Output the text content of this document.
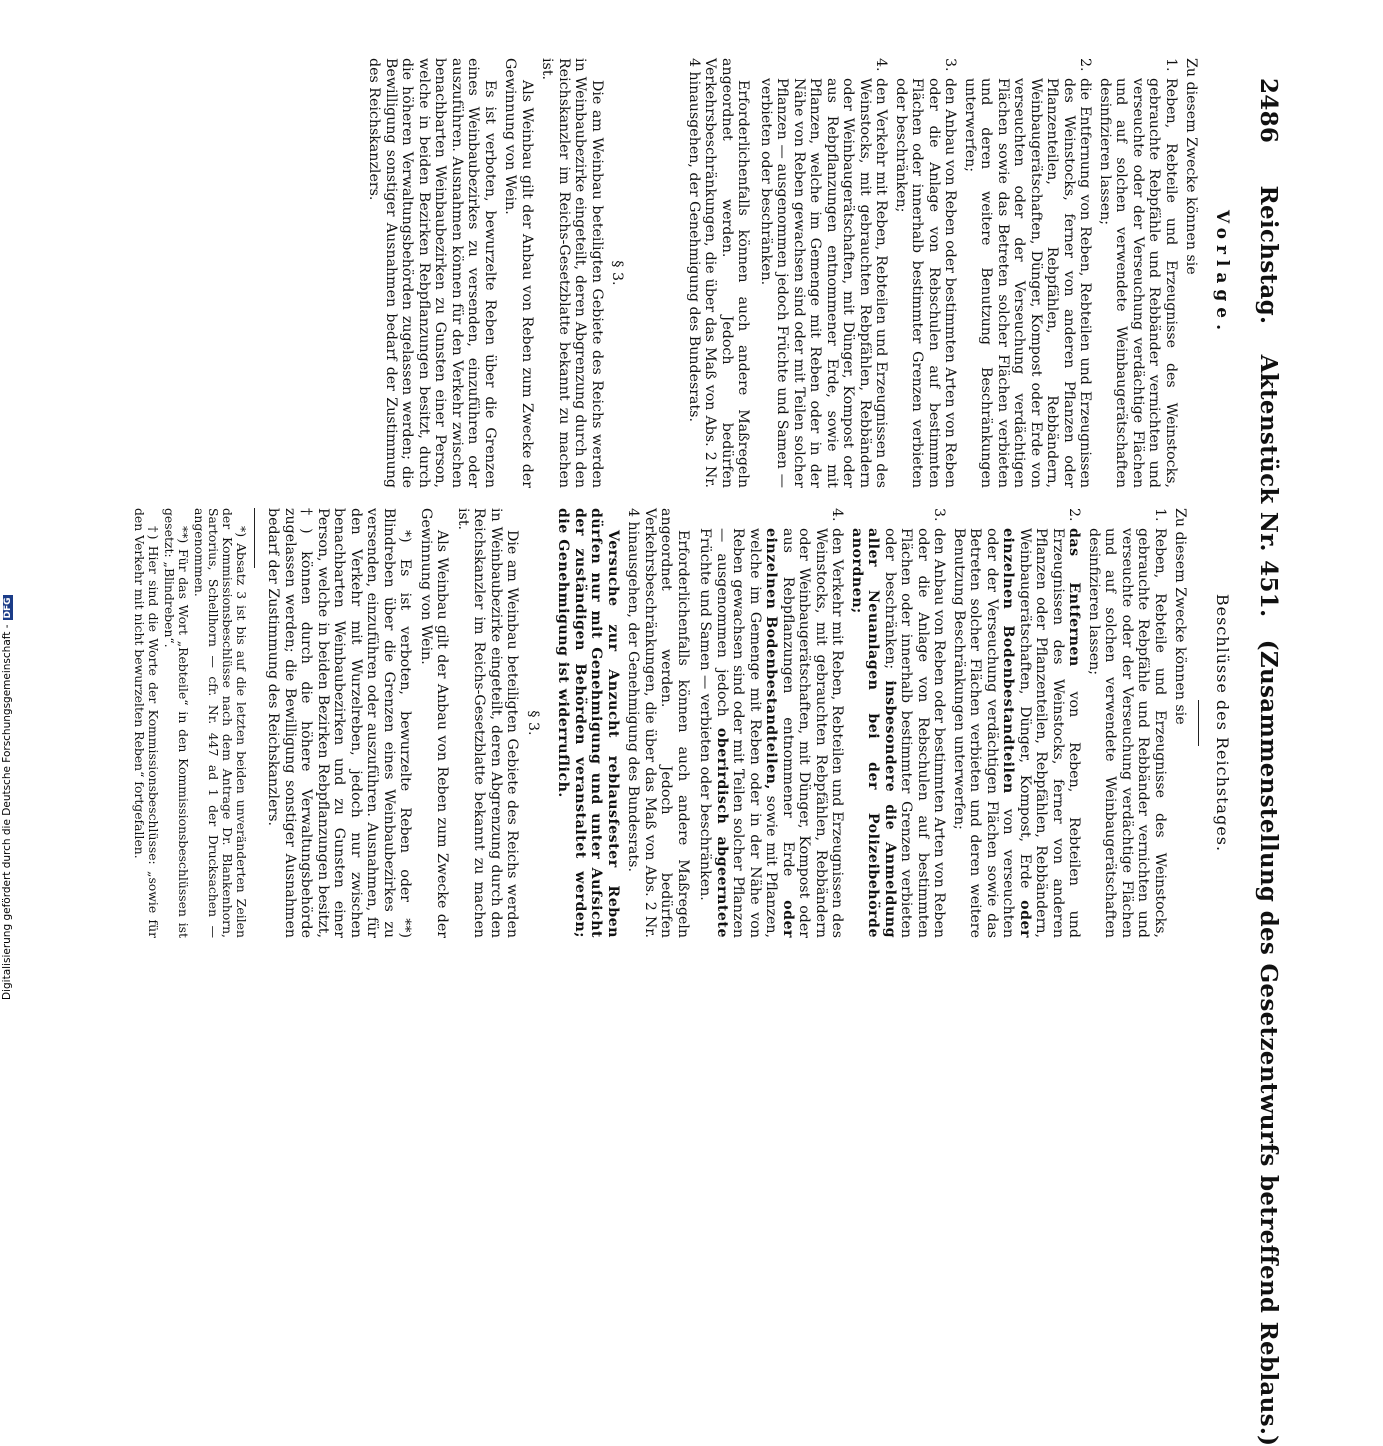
2486 Reichstag. Aktenstück Nr. 451. (Zusammenstellung des Gesetzentwurfs betreffend Reblaus.)
Vorlage.

Zu diesem Zwecke können sie

1.
Reben, Rebteile und Erzeugnisse des Weinstocks, gebrauchte Rebpfähle und Rebbänder vernichten und verseuchte oder der Verseuchung verdächtige Flächen und auf solchen verwendete Weinbaugerätschaften desinfizieren lassen;
2.
die Entfernung von Reben, Rebteilen und Erzeugnissen des Weinstocks, ferner von anderen Pflanzen oder Pflanzenteilen, Rebpfählen, Rebbändern, Weinbaugerätschaften, Dünger, Kompost oder Erde von verseuchten oder der Verseuchung verdächtigen Flächen sowie das Betreten solcher Flächen verbieten und deren weitere Benutzung Beschränkungen unterwerfen;
3.
den Anbau von Reben oder bestimmten Arten von Reben oder die Anlage von Rebschulen auf bestimmten Flächen oder innerhalb bestimmter Grenzen verbieten oder beschränken;
4.
den Verkehr mit Reben, Rebteilen und Erzeugnissen des Weinstocks, mit gebrauchten Rebpfählen, Rebbändern oder Weinbaugerätschaften, mit Dünger, Kompost oder aus Rebpflanzungen entnommener Erde, sowie mit Pflanzen, welche im Gemenge mit Reben oder in der Nähe von Reben gewachsen sind oder mit Teilen solcher Pflanzen — ausgenommen jedoch Früchte und Samen — verbieten oder beschränken.

Erforderlichenfalls können auch andere Maßregeln angeordnet werden. Jedoch bedürfen Verkehrsbeschränkungen, die über das Maß von Abs. 2 Nr. 4 hinausgehen, der Genehmigung des Bundesrats.

§ 3.

Die am Weinbau beteiligten Gebiete des Reichs werden in Weinbaubezirke eingeteilt, deren Abgrenzung durch den Reichskanzler im Reichs-Gesetzblatte bekannt zu machen ist.

Als Weinbau gilt der Anbau von Reben zum Zwecke der Gewinnung von Wein.

Es ist verboten, bewurzelte Reben über die Grenzen eines Weinbaubezirkes zu versenden, einzuführen oder auszuführen. Ausnahmen können für den Verkehr zwischen benachbarten Weinbaubezirken zu Gunsten einer Person, welche in beiden Bezirken Rebpflanzungen besitzt, durch die höheren Verwaltungsbehörden zugelassen werden; die Bewilligung sonstiger Ausnahmen bedarf der Zustimmung des Reichskanzlers.

Beschlüsse des Reichstages.

Zu diesem Zwecke können sie

1.
Reben, Rebteile und Erzeugnisse des Weinstocks, gebrauchte Rebpfähle und Rebbänder vernichten und verseuchte oder der Verseuchung verdächtige Flächen und auf solchen verwendete Weinbaugerätschaften desinfizieren lassen;
2.
das Entfernen von Reben, Rebteilen und Erzeugnissen des Weinstocks, ferner von anderen Pflanzen oder Pflanzenteilen, Rebpfählen, Rebbändern, Weinbaugerätschaften, Dünger, Kompost, Erde oder einzelnen Bodenbestandteilen von verseuchten oder der Verseuchung verdächtigen Flächen sowie das Betreten solcher Flächen verbieten und deren weitere Benutzung Beschränkungen unterwerfen;
3.
den Anbau von Reben oder bestimmten Arten von Reben oder die Anlage von Rebschulen auf bestimmten Flächen oder innerhalb bestimmter Grenzen verbieten oder beschränken; insbesondere die Anmeldung aller Neuanlagen bei der Polizeibehörde anordnen;
4.
den Verkehr mit Reben, Rebteilen und Erzeugnissen des Weinstocks, mit gebrauchten Rebpfählen, Rebbändern oder Weinbaugerätschaften, mit Dünger, Kompost oder aus Rebpflanzungen entnommener Erde oder einzelnen Bodenbestandteilen, sowie mit Pflanzen, welche im Gemenge mit Reben oder in der Nähe von Reben gewachsen sind oder mit Teilen solcher Pflanzen — ausgenommen jedoch oberirdisch abgeerntete Früchte und Samen — verbieten oder beschränken.

Erforderlichenfalls können auch andere Maßregeln angeordnet werden. Jedoch bedürfen Verkehrsbeschränkungen, die über das Maß von Abs. 2 Nr. 4 hinausgehen, der Genehmigung des Bundesrats.

Versuche zur Anzucht reblausfester Reben dürfen nur mit Genehmigung und unter Aufsicht der zuständigen Behörden veranstaltet werden; die Genehmigung ist widerruflich.

§ 3.

Die am Weinbau beteiligten Gebiete des Reichs werden in Weinbaubezirke eingeteilt, deren Abgrenzung durch den Reichskanzler im Reichs-Gesetzblatte bekannt zu machen ist.

Als Weinbau gilt der Anbau von Reben zum Zwecke der Gewinnung von Wein.

*) Es ist verboten, bewurzelte Reben oder **) Blindreben über die Grenzen eines Weinbaubezirkes zu versenden, einzuführen oder auszuführen. Ausnahmen, für den Verkehr mit Wurzelreben, jedoch nur zwischen benachbarten Weinbaubezirken und zu Gunsten einer Person, welche in beiden Bezirken Rebpflanzungen besitzt, †) können durch die höhere Verwaltungsbehörde zugelassen werden; die Bewilligung sonstiger Ausnahmen bedarf der Zustimmung des Reichskanzlers.

*) Absatz 3 ist bis auf die letzten beiden unveränderten Zeilen der Kommissionsbeschlüsse nach dem Antrage Dr. Blankenhorn, Sartorius, Schellhorn — cfr. Nr. 447 ad 1 der Drucksachen — angenommen.

**) Für das Wort „Rebteile“ in den Kommissionsbeschlüssen ist gesetzt: „Blindreben“.

†) Hier sind die Worte der Kommissionsbeschlüsse: „sowie für den Verkehr mit nicht bewurzelten Reben“ fortgefallen.

Digitalisierung gefördert durch die Deutsche Forschungsgemeinschaft -DFG
